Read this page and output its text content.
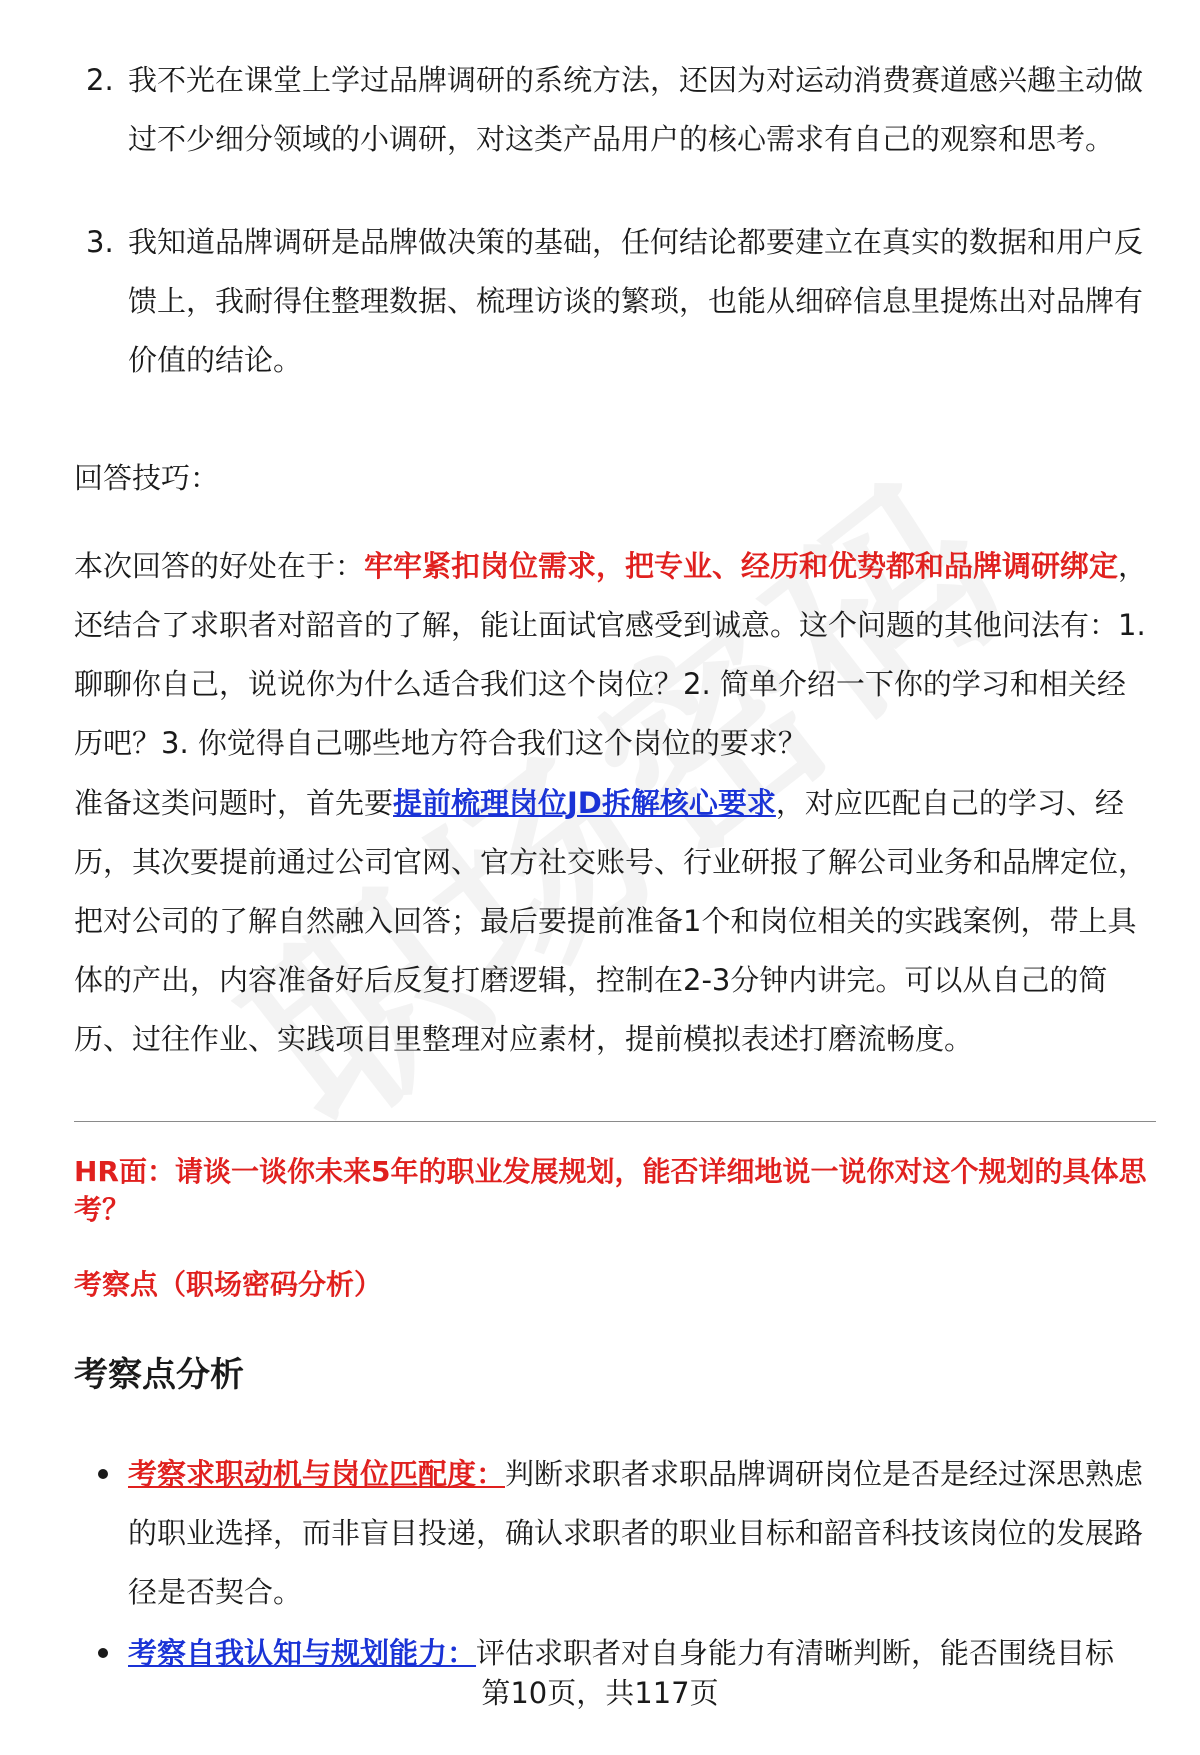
2. 我不光在课堂上学过品牌调研的系统方法，还因为对运动消费赛道感兴趣主动做过不少细分领域的小调研，对这类产品用户的核心需求有自己的观察和思考。
3. 我知道品牌调研是品牌做决策的基础，任何结论都要建立在真实的数据和用户反馈上，我耐得住整理数据、梳理访谈的繁琐，也能从细碎信息里提炼出对品牌有价值的结论。
回答技巧：
本次回答的好处在于：牢牢紧扣岗位需求，把专业、经历和优势都和品牌调研绑定，还结合了求职者对韶音的了解，能让面试官感受到诚意。这个问题的其他问法有：1. 聊聊你自己，说说你为什么适合我们这个岗位？2. 简单介绍一下你的学习和相关经历吧？3. 你觉得自己哪些地方符合我们这个岗位的要求？
准备这类问题时，首先要提前梳理岗位JD拆解核心要求，对应匹配自己的学习、经历，其次要提前通过公司官网、官方社交账号、行业研报了解公司业务和品牌定位，把对公司的了解自然融入回答；最后要提前准备1个和岗位相关的实践案例，带上具体的产出，内容准备好后反复打磨逻辑，控制在2-3分钟内讲完。可以从自己的简历、过往作业、实践项目里整理对应素材，提前模拟表述打磨流畅度。
HR面：请谈一谈你未来5年的职业发展规划，能否详细地说一说你对这个规划的具体思考？
考察点（职场密码分析）
考察点分析
考察求职动机与岗位匹配度：判断求职者求职品牌调研岗位是否是经过深思熟虑的职业选择，而非盲目投递，确认求职者的职业目标和韶音科技该岗位的发展路径是否契合。
考察自我认知与规划能力：评估求职者对自身能力有清晰判断，能否围绕目标
第10页，共117页
